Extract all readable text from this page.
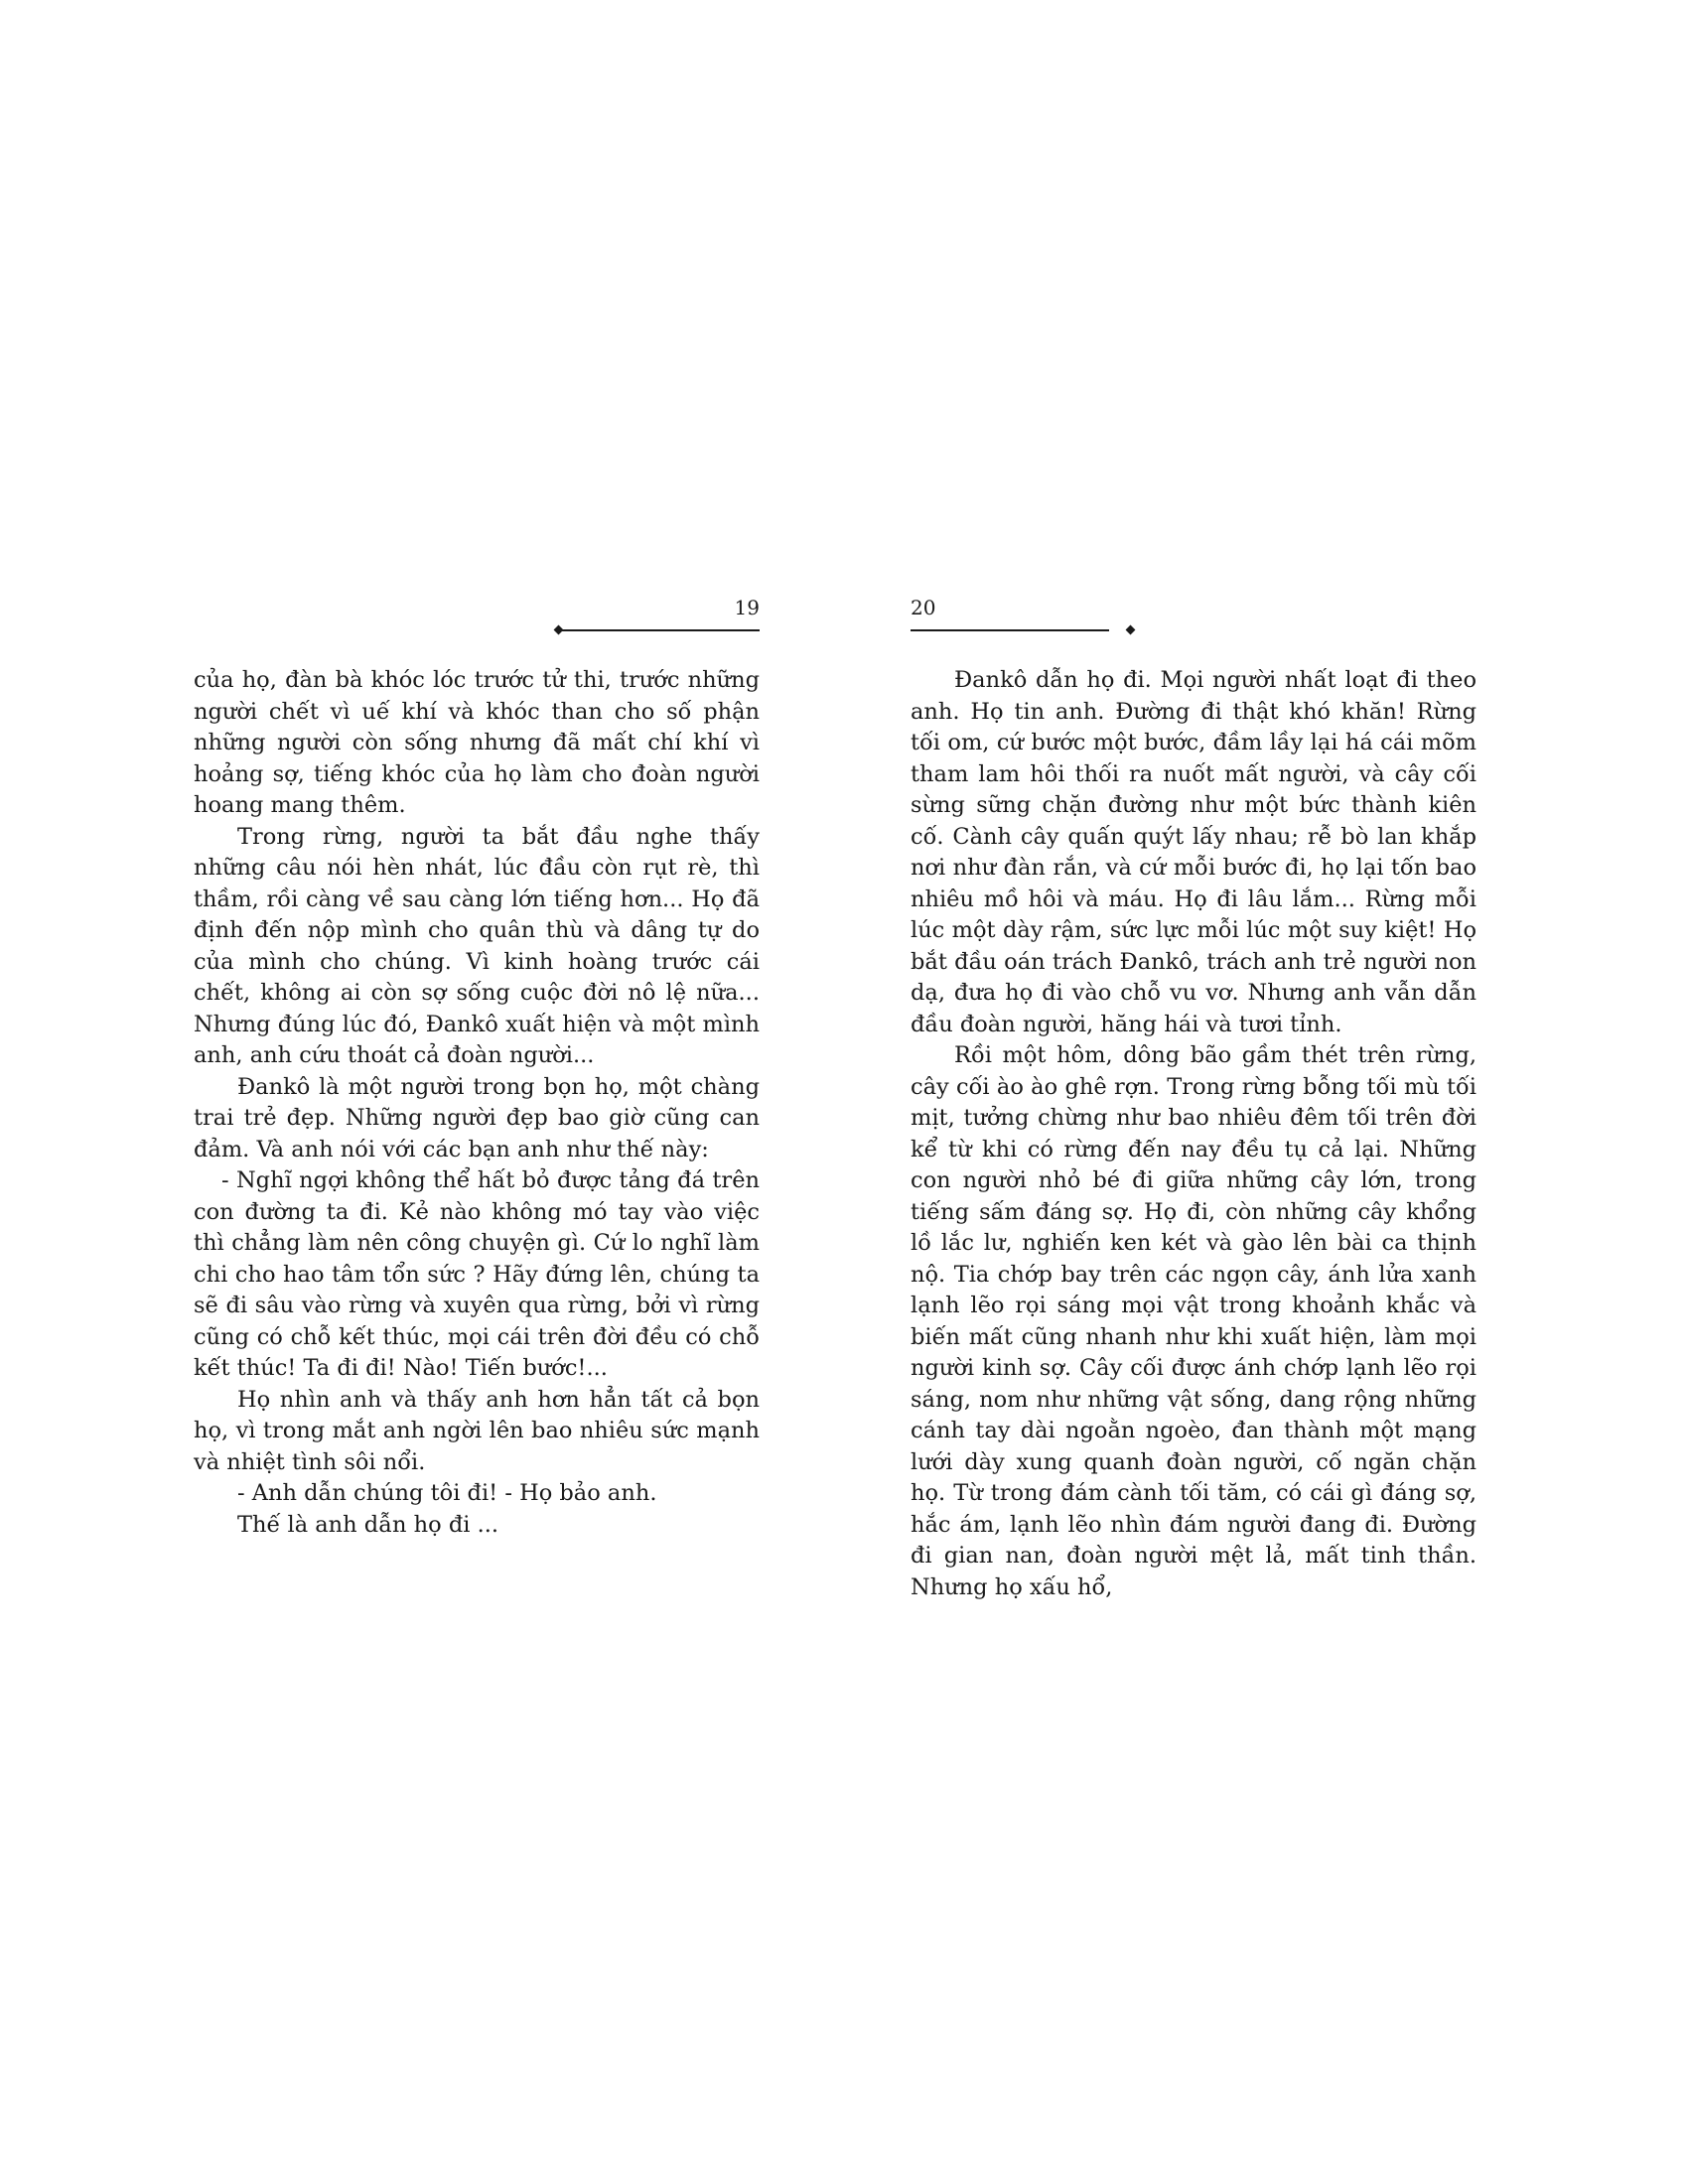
19

của họ, đàn bà khóc lóc trước tử thi, trước những người chết vì uế khí và khóc than cho số phận những người còn sống nhưng đã mất chí khí vì hoảng sợ, tiếng khóc của họ làm cho đoàn người hoang mang thêm.

Trong rừng, người ta bắt đầu nghe thấy những câu nói hèn nhát, lúc đầu còn rụt rè, thì thầm, rồi càng về sau càng lớn tiếng hơn... Họ đã định đến nộp mình cho quân thù và dâng tự do của mình cho chúng. Vì kinh hoàng trước cái chết, không ai còn sợ sống cuộc đời nô lệ nữa... Nhưng đúng lúc đó, Đankô xuất hiện và một mình anh, anh cứu thoát cả đoàn người...

Đankô là một người trong bọn họ, một chàng trai trẻ đẹp. Những người đẹp bao giờ cũng can đảm. Và anh nói với các bạn anh như thế này:

- Nghĩ ngợi không thể hất bỏ được tảng đá trên con đường ta đi. Kẻ nào không mó tay vào việc thì chẳng làm nên công chuyện gì. Cứ lo nghĩ làm chi cho hao tâm tổn sức ? Hãy đứng lên, chúng ta sẽ đi sâu vào rừng và xuyên qua rừng, bởi vì rừng cũng có chỗ kết thúc, mọi cái trên đời đều có chỗ kết thúc! Ta đi đi! Nào! Tiến bước!...

Họ nhìn anh và thấy anh hơn hẳn tất cả bọn họ, vì trong mắt anh ngời lên bao nhiêu sức mạnh và nhiệt tình sôi nổi.

- Anh dẫn chúng tôi đi! - Họ bảo anh.

Thế là anh dẫn họ đi ...

20

Đankô dẫn họ đi. Mọi người nhất loạt đi theo anh. Họ tin anh. Đường đi thật khó khăn! Rừng tối om, cứ bước một bước, đầm lầy lại há cái mõm tham lam hôi thối ra nuốt mất người, và cây cối sừng sững chặn đường như một bức thành kiên cố. Cành cây quấn quýt lấy nhau; rễ bò lan khắp nơi như đàn rắn, và cứ mỗi bước đi, họ lại tốn bao nhiêu mồ hôi và máu. Họ đi lâu lắm... Rừng mỗi lúc một dày rậm, sức lực mỗi lúc một suy kiệt! Họ bắt đầu oán trách Đankô, trách anh trẻ người non dạ, đưa họ đi vào chỗ vu vơ. Nhưng anh vẫn dẫn đầu đoàn người, hăng hái và tươi tỉnh.

Rồi một hôm, dông bão gầm thét trên rừng, cây cối ào ào ghê rợn. Trong rừng bỗng tối mù tối mịt, tưởng chừng như bao nhiêu đêm tối trên đời kể từ khi có rừng đến nay đều tụ cả lại. Những con người nhỏ bé đi giữa những cây lớn, trong tiếng sấm đáng sợ. Họ đi, còn những cây khổng lồ lắc lư, nghiến ken két và gào lên bài ca thịnh nộ. Tia chớp bay trên các ngọn cây, ánh lửa xanh lạnh lẽo rọi sáng mọi vật trong khoảnh khắc và biến mất cũng nhanh như khi xuất hiện, làm mọi người kinh sợ. Cây cối được ánh chớp lạnh lẽo rọi sáng, nom như những vật sống, dang rộng những cánh tay dài ngoằn ngoèo, đan thành một mạng lưới dày xung quanh đoàn người, cố ngăn chặn họ. Từ trong đám cành tối tăm, có cái gì đáng sợ, hắc ám, lạnh lẽo nhìn đám người đang đi. Đường đi gian nan, đoàn người mệt lả, mất tinh thần. Nhưng họ xấu hổ,
